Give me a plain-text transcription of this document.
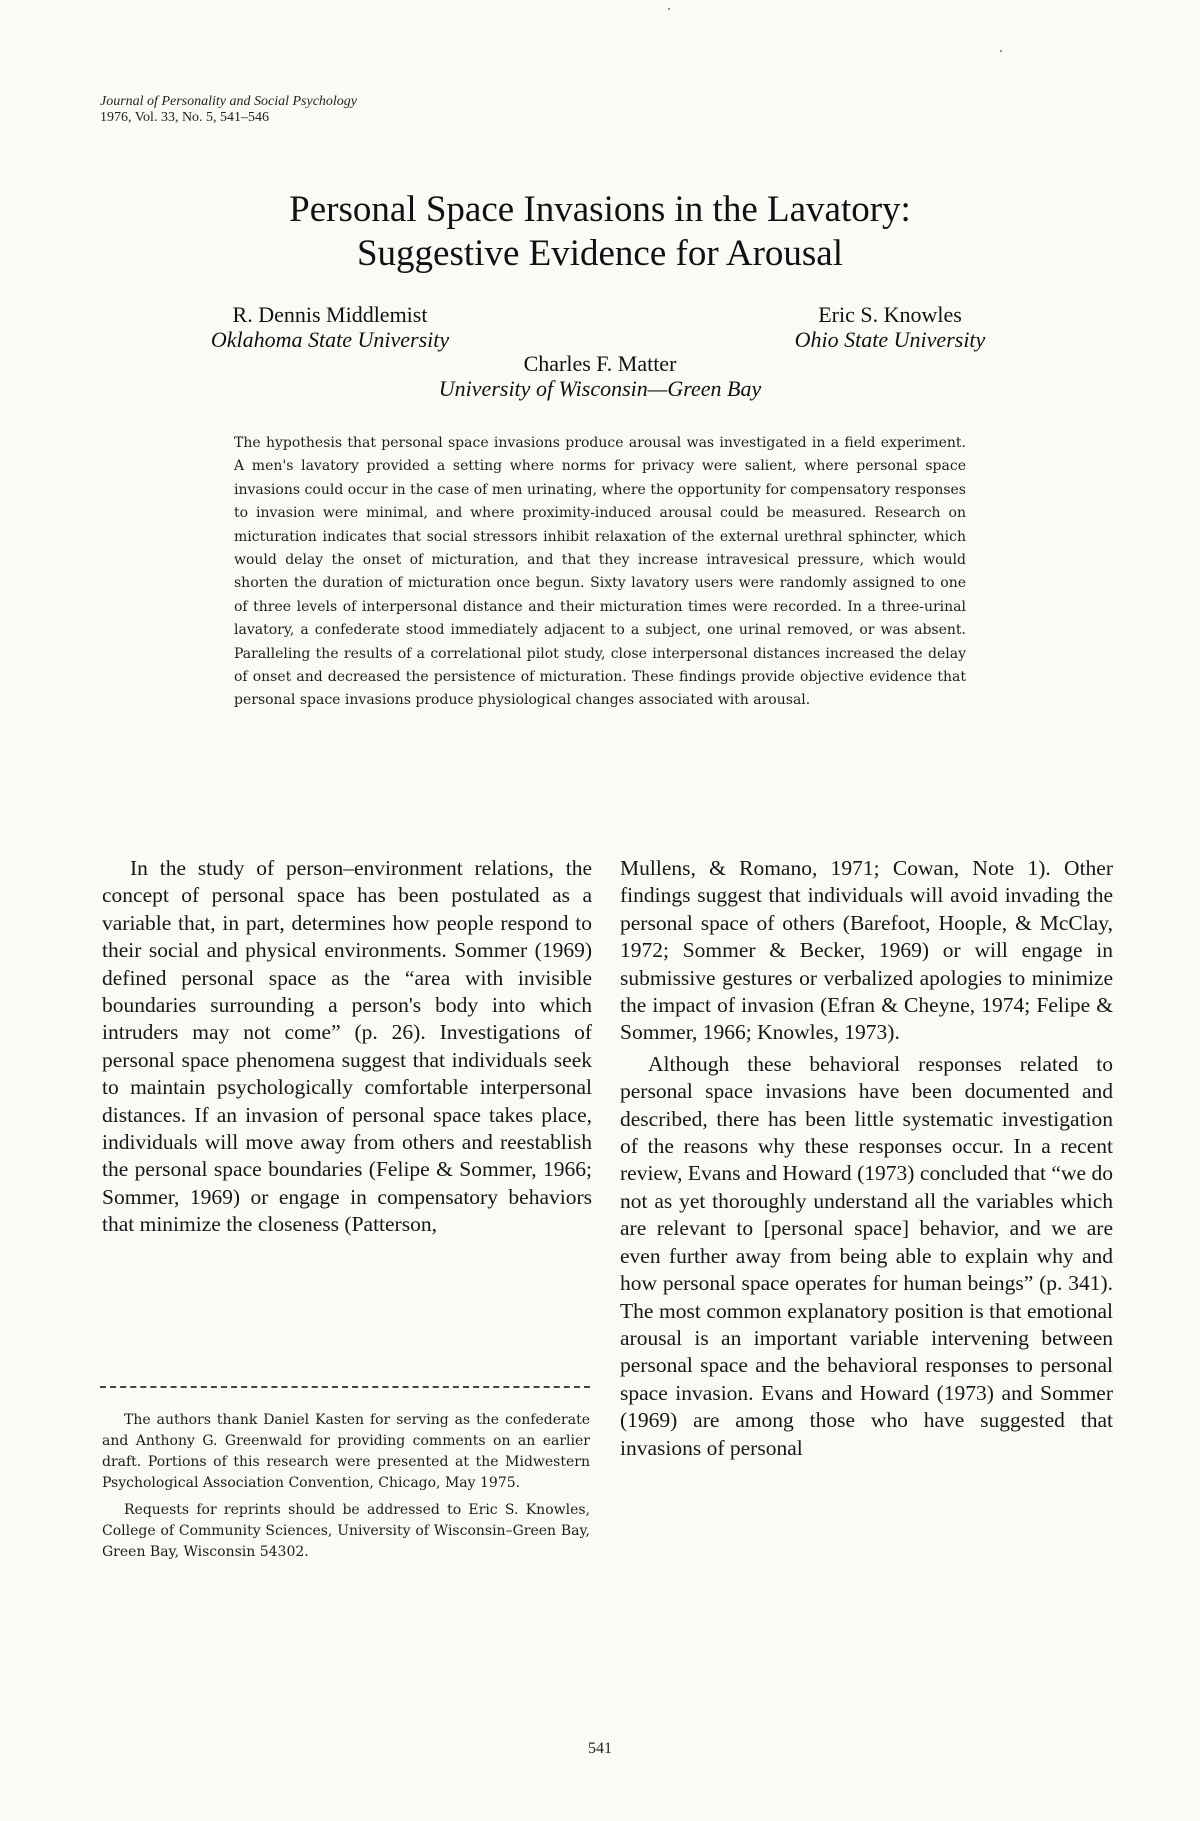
Journal of Personality and Social Psychology
1976, Vol. 33, No. 5, 541–546
Personal Space Invasions in the Lavatory:
Suggestive Evidence for Arousal
R. Dennis Middlemist
Oklahoma State University
Eric S. Knowles
Ohio State University
Charles F. Matter
University of Wisconsin—Green Bay
The hypothesis that personal space invasions produce arousal was investigated in a field experiment. A men's lavatory provided a setting where norms for privacy were salient, where personal space invasions could occur in the case of men urinating, where the opportunity for compensatory responses to invasion were minimal, and where proximity-induced arousal could be measured. Research on micturation indicates that social stressors inhibit relaxation of the external urethral sphincter, which would delay the onset of micturation, and that they increase intravesical pressure, which would shorten the duration of micturation once begun. Sixty lavatory users were randomly assigned to one of three levels of interpersonal distance and their micturation times were recorded. In a three-urinal lavatory, a confederate stood immediately adjacent to a subject, one urinal removed, or was absent. Paralleling the results of a correlational pilot study, close interpersonal distances increased the delay of onset and decreased the persistence of micturation. These findings provide objective evidence that personal space invasions produce physiological changes associated with arousal.

In the study of person–environment relations, the concept of personal space has been postulated as a variable that, in part, determines how people respond to their social and physical environments. Sommer (1969) defined personal space as the “area with invisible boundaries surrounding a person's body into which intruders may not come” (p. 26). Investigations of personal space phenomena suggest that individuals seek to maintain psychologically comfortable interpersonal distances. If an invasion of personal space takes place, individuals will move away from others and reestablish the personal space boundaries (Felipe & Sommer, 1966; Sommer, 1969) or engage in compensatory behaviors that minimize the closeness (Patterson,

Mullens, & Romano, 1971; Cowan, Note 1). Other findings suggest that individuals will avoid invading the personal space of others (Barefoot, Hoople, & McClay, 1972; Sommer & Becker, 1969) or will engage in submissive gestures or verbalized apologies to minimize the impact of invasion (Efran & Cheyne, 1974; Felipe & Sommer, 1966; Knowles, 1973).

Although these behavioral responses related to personal space invasions have been documented and described, there has been little systematic investigation of the reasons why these responses occur. In a recent review, Evans and Howard (1973) concluded that “we do not as yet thoroughly understand all the variables which are relevant to [personal space] behavior, and we are even further away from being able to explain why and how personal space operates for human beings” (p. 341). The most common explanatory position is that emotional arousal is an important variable intervening between personal space and the behavioral responses to personal space invasion. Evans and Howard (1973) and Sommer (1969) are among those who have suggested that invasions of personal

The authors thank Daniel Kasten for serving as the confederate and Anthony G. Greenwald for providing comments on an earlier draft. Portions of this research were presented at the Midwestern Psychological Association Convention, Chicago, May 1975.

Requests for reprints should be addressed to Eric S. Knowles, College of Community Sciences, University of Wisconsin–Green Bay, Green Bay, Wisconsin 54302.

541
